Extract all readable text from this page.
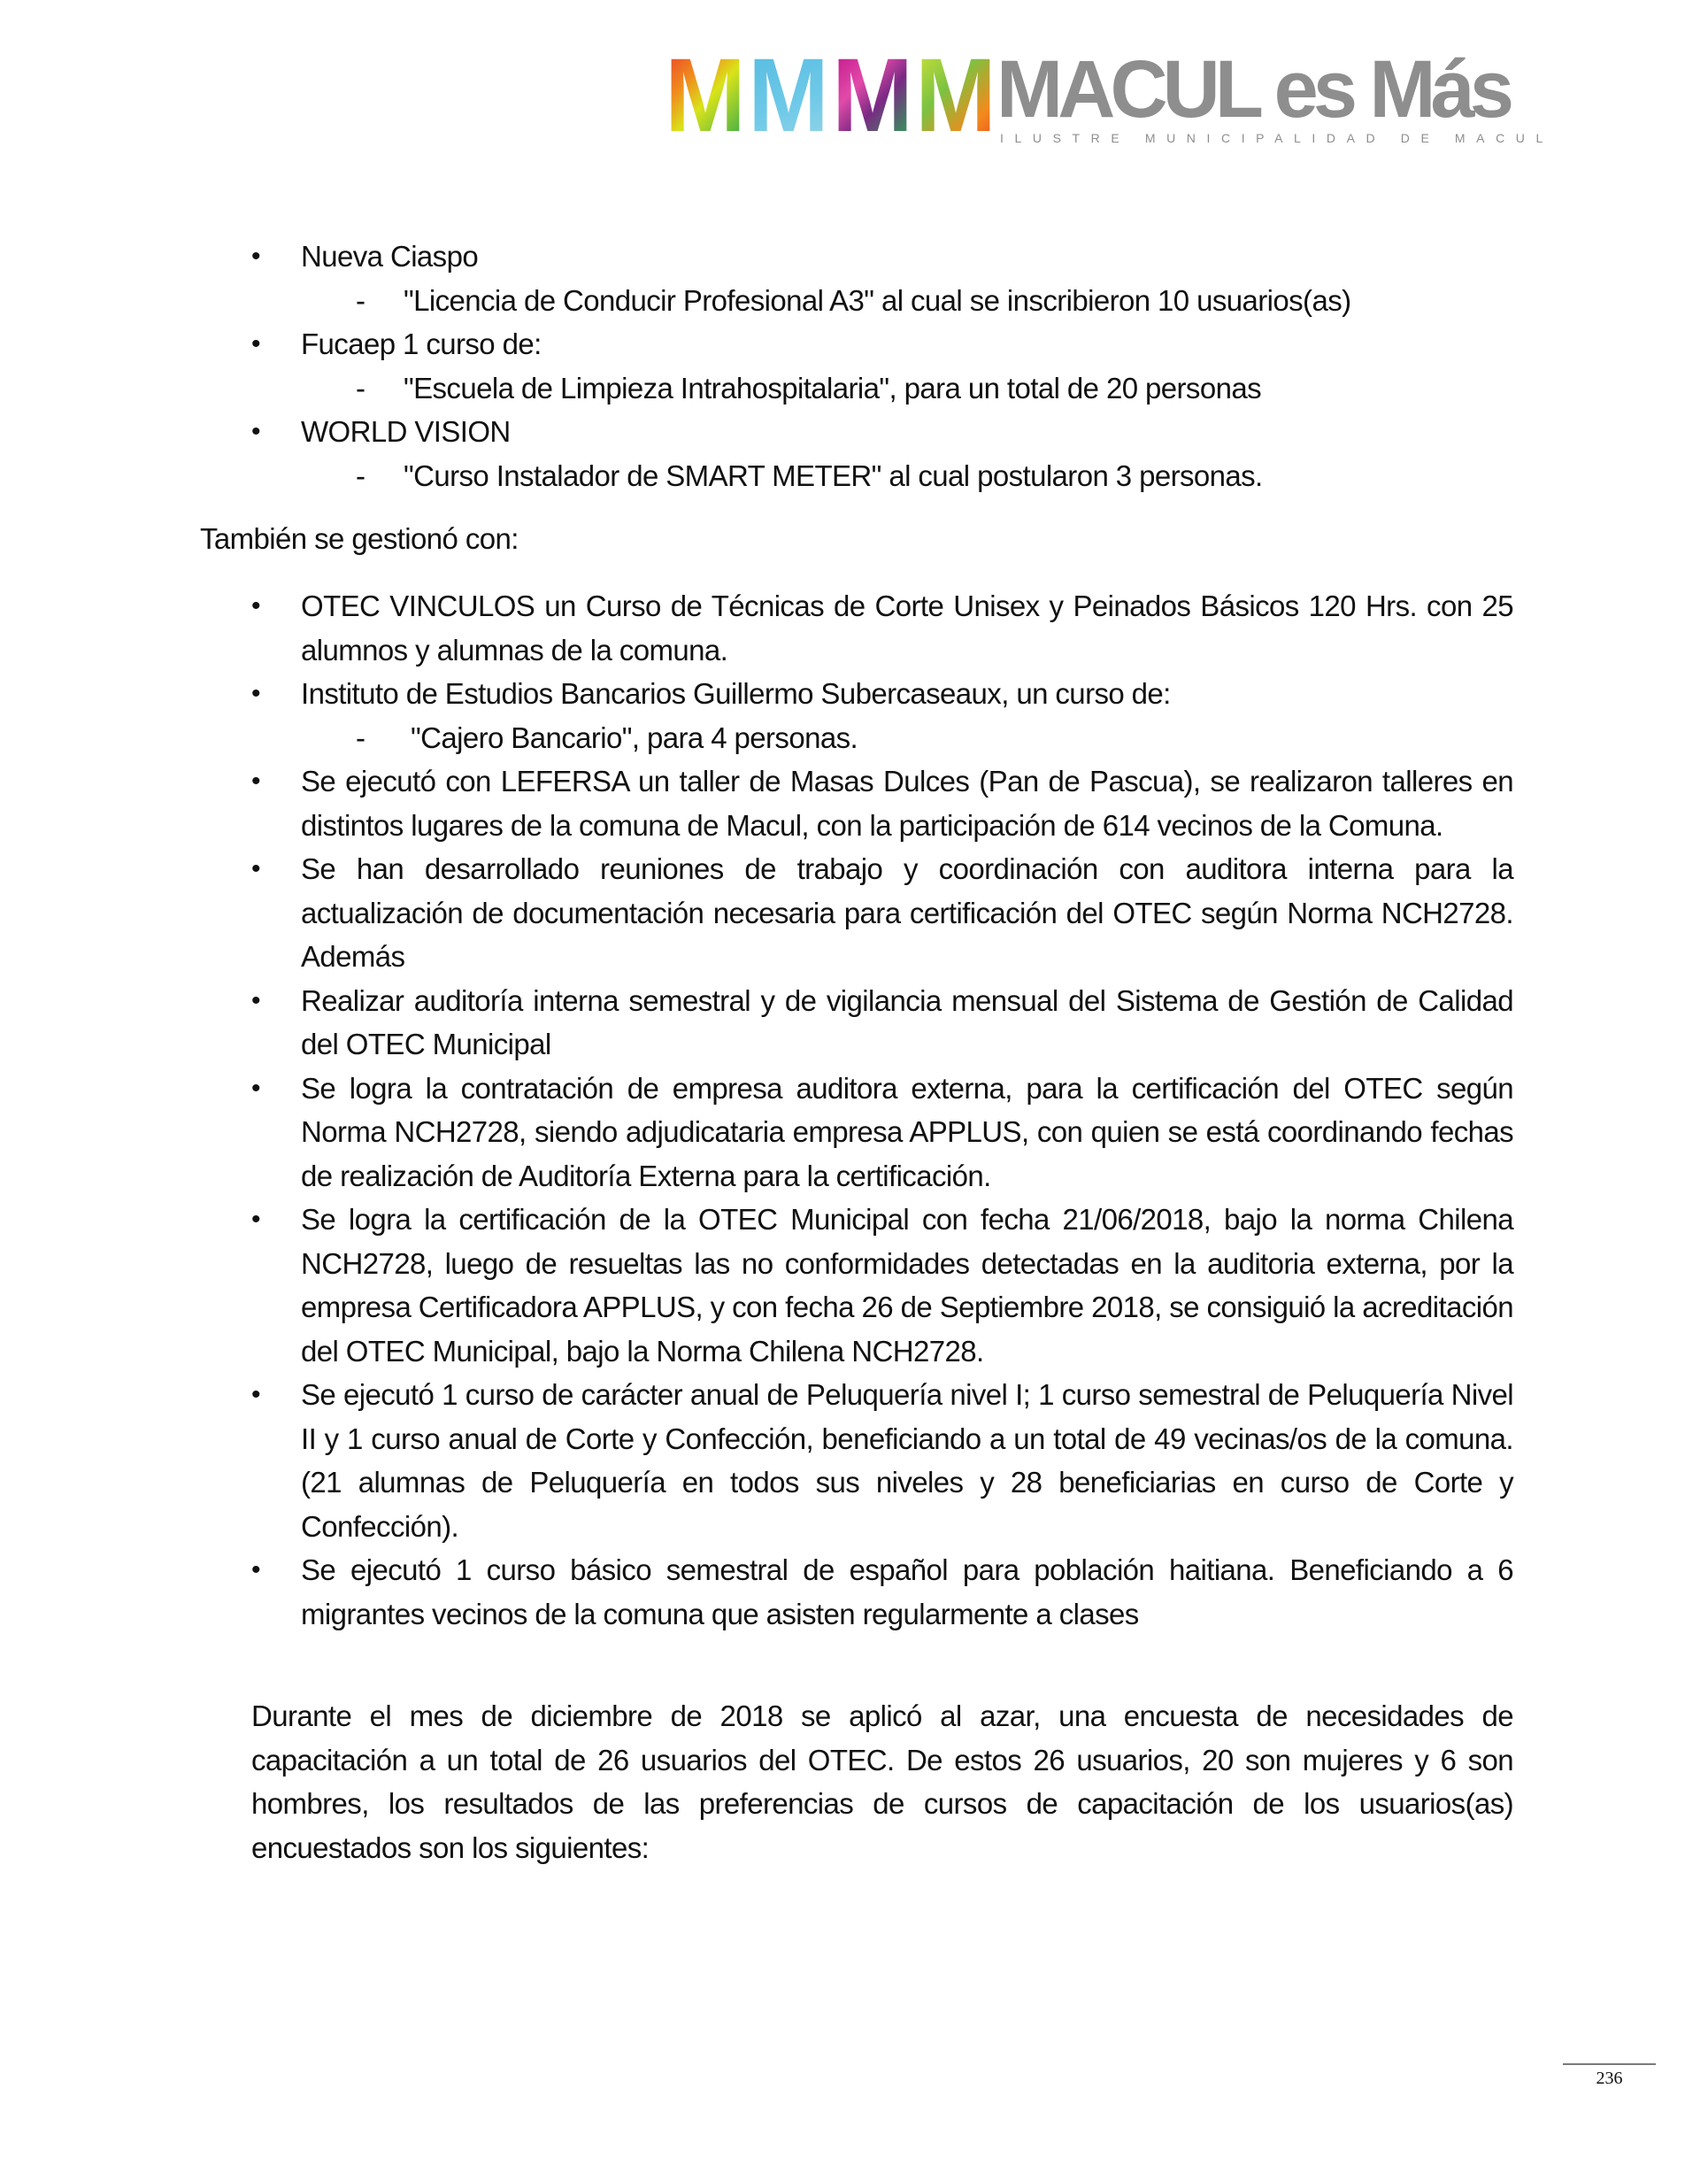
M M M M MACUL es Más
ILUSTRE MUNICIPALIDAD DE MACUL
• Nueva Ciaspo
- "Licencia de Conducir Profesional A3" al cual se inscribieron 10 usuarios(as)
• Fucaep 1 curso de:
- "Escuela de Limpieza Intrahospitalaria", para un total de 20 personas
• WORLD VISION
- "Curso Instalador de SMART METER" al cual postularon 3 personas.
También se gestionó con:
• OTEC VINCULOS un Curso de Técnicas de Corte Unisex y Peinados Básicos 120 Hrs. con 25 alumnos y alumnas de la comuna.
• Instituto de Estudios Bancarios Guillermo Subercaseaux, un curso de:
- "Cajero Bancario", para 4 personas.
• Se ejecutó con LEFERSA un taller de Masas Dulces (Pan de Pascua), se realizaron talleres en distintos lugares de la comuna de Macul, con la participación de 614 vecinos de la Comuna.
• Se han desarrollado reuniones de trabajo y coordinación con auditora interna para la actualización de documentación necesaria para certificación del OTEC según Norma NCH2728. Además
• Realizar auditoría interna semestral y de vigilancia mensual del Sistema de Gestión de Calidad del OTEC Municipal
• Se logra la contratación de empresa auditora externa, para la certificación del OTEC según Norma NCH2728, siendo adjudicataria empresa APPLUS, con quien se está coordinando fechas de realización de Auditoría Externa para la certificación.
• Se logra la certificación de la OTEC Municipal con fecha 21/06/2018, bajo la norma Chilena NCH2728, luego de resueltas las no conformidades detectadas en la auditoria externa, por la empresa Certificadora APPLUS, y con fecha 26 de Septiembre 2018, se consiguió la acreditación del OTEC Municipal, bajo la Norma Chilena NCH2728.
• Se ejecutó 1 curso de carácter anual de Peluquería nivel I; 1 curso semestral de Peluquería Nivel II y 1 curso anual de Corte y Confección, beneficiando a un total de 49 vecinas/os de la comuna. (21 alumnas de Peluquería en todos sus niveles y 28 beneficiarias en curso de Corte y Confección).
• Se ejecutó 1 curso básico semestral de español para población haitiana. Beneficiando a 6 migrantes vecinos de la comuna que asisten regularmente a clases
Durante el mes de diciembre de 2018 se aplicó al azar, una encuesta de necesidades de capacitación a un total de 26 usuarios del OTEC. De estos 26 usuarios, 20 son mujeres y 6 son hombres, los resultados de las preferencias de cursos de capacitación de los usuarios(as) encuestados son los siguientes:
236
